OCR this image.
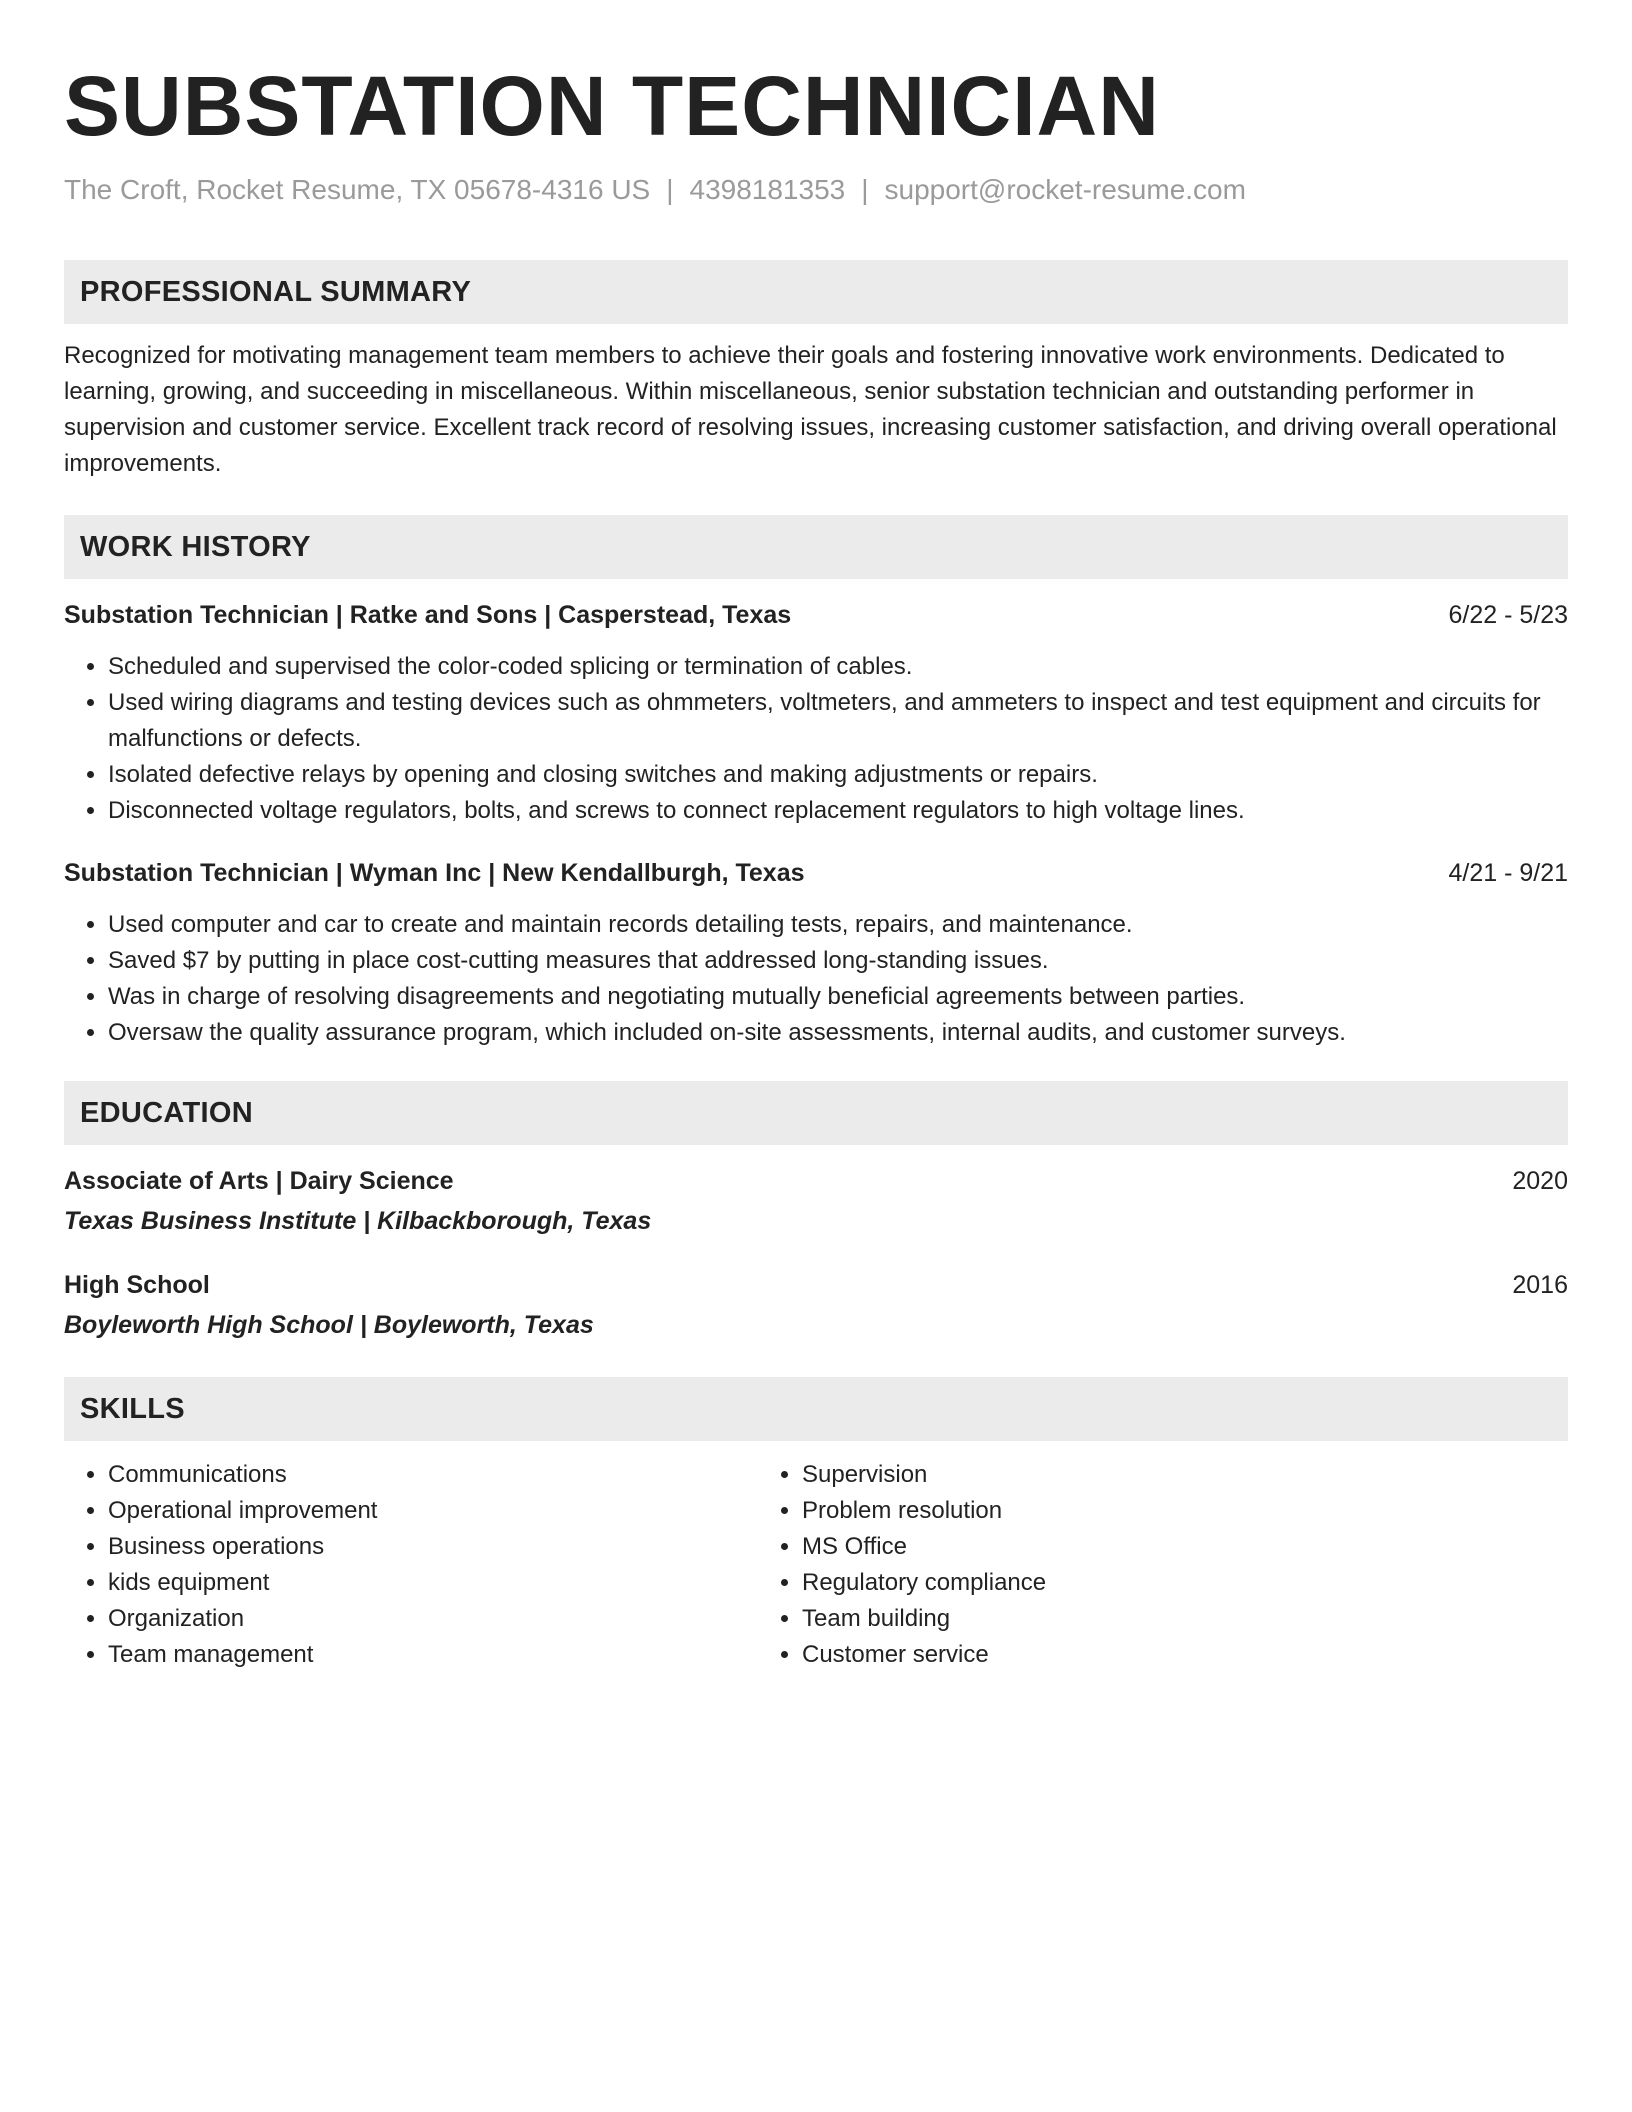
SUBSTATION TECHNICIAN
The Croft, Rocket Resume, TX 05678-4316 US | 4398181353 | support@rocket-resume.com
PROFESSIONAL SUMMARY
Recognized for motivating management team members to achieve their goals and fostering innovative work environments. Dedicated to learning, growing, and succeeding in miscellaneous. Within miscellaneous, senior substation technician and outstanding performer in supervision and customer service. Excellent track record of resolving issues, increasing customer satisfaction, and driving overall operational improvements.
WORK HISTORY
Substation Technician | Ratke and Sons | Casperstead, Texas	6/22 - 5/23
• Scheduled and supervised the color-coded splicing or termination of cables.
• Used wiring diagrams and testing devices such as ohmmeters, voltmeters, and ammeters to inspect and test equipment and circuits for malfunctions or defects.
• Isolated defective relays by opening and closing switches and making adjustments or repairs.
• Disconnected voltage regulators, bolts, and screws to connect replacement regulators to high voltage lines.
Substation Technician | Wyman Inc | New Kendallburgh, Texas	4/21 - 9/21
• Used computer and car to create and maintain records detailing tests, repairs, and maintenance.
• Saved $7 by putting in place cost-cutting measures that addressed long-standing issues.
• Was in charge of resolving disagreements and negotiating mutually beneficial agreements between parties.
• Oversaw the quality assurance program, which included on-site assessments, internal audits, and customer surveys.
EDUCATION
Associate of Arts | Dairy Science	2020
Texas Business Institute | Kilbackborough, Texas
High School	2016
Boyleworth High School | Boyleworth, Texas
SKILLS
• Communications
• Operational improvement
• Business operations
• kids equipment
• Organization
• Team management
• Supervision
• Problem resolution
• MS Office
• Regulatory compliance
• Team building
• Customer service
